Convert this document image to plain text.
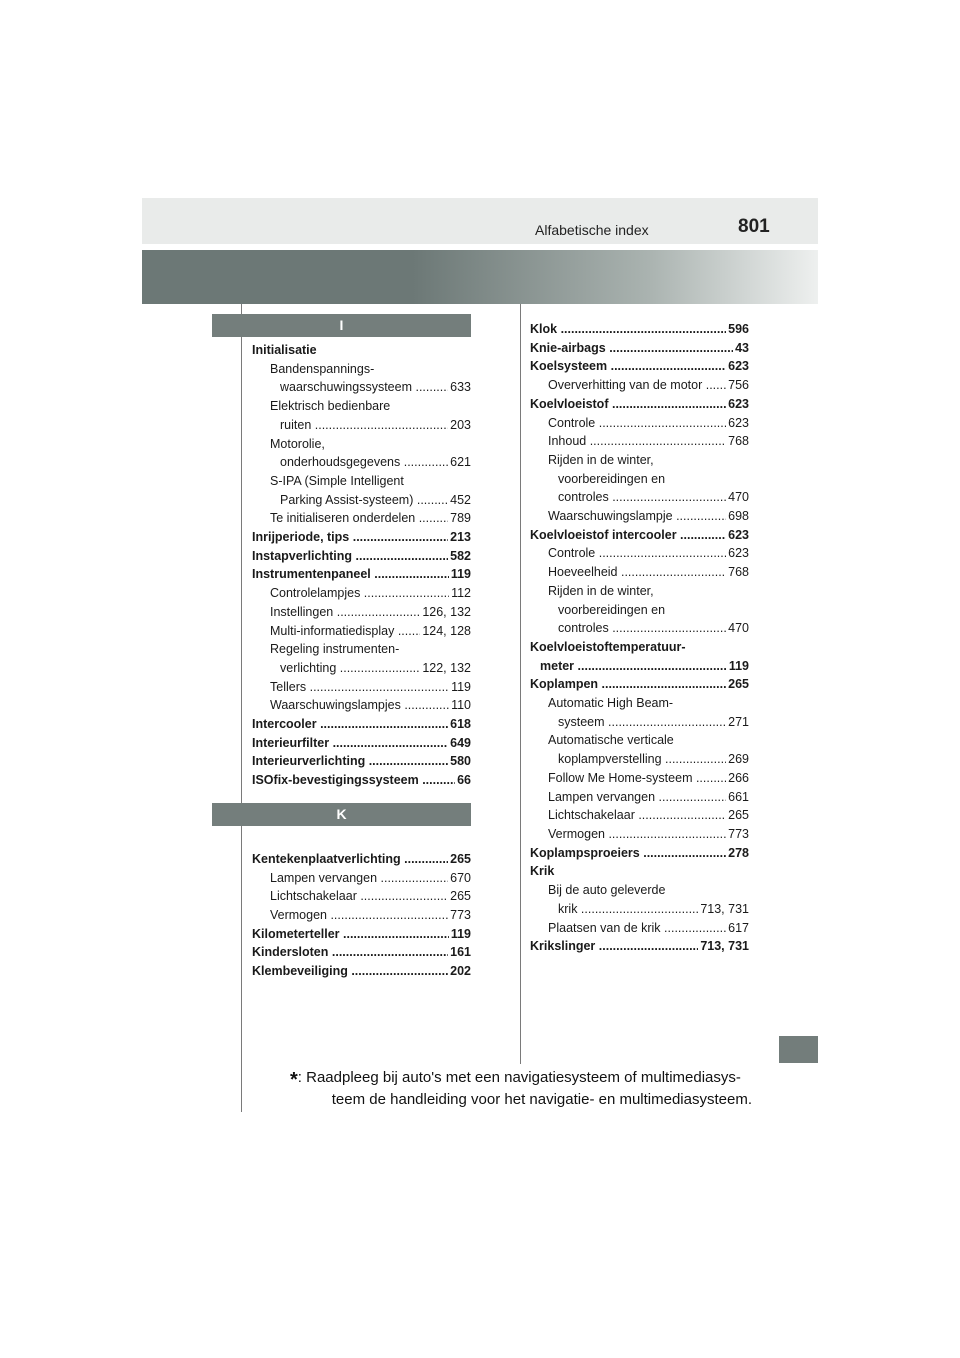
Alfabetische index	801
I
K
Initialisatie
Bandenspannings-
waarschuwingssysteem .....	633
Elektrisch bedienbare
ruiten .....	203
Motorolie,
onderhoudsgegevens .....	621
S-IPA (Simple Intelligent
Parking Assist-systeem) .....	452
Te initialiseren onderdelen .....	789
Inrijperiode, tips .....	213
Instapverlichting .....	582
Instrumentenpaneel .....	119
Controlelampjes .....	112
Instellingen .....	126, 132
Multi-informatiedisplay ..... 124, 128
Regeling instrumenten-
verlichting .....	122, 132
Tellers .....	119
Waarschuwingslampjes .....	110
Intercooler .....	618
Interieurfilter .....	649
Interieurverlichting .....	580
ISOfix-bevestigingssysteem .....	66
Kentekenplaatverlichting .....	265
Lampen vervangen .....	670
Lichtschakelaar .....	265
Vermogen .....	773
Kilometerteller .....	119
Kindersloten .....	161
Klembeveiliging .....	202
Klok .....	596
Knie-airbags .....	43
Koelsysteem .....	623
Oververhitting van de motor ..... 756
Koelvloeistof .....	623
Controle .....	623
Inhoud .....	768
Rijden in de winter,
voorbereidingen en
controles .....	470
Waarschuwingslampje .....	698
Koelvloeistof intercooler .....	623
Controle .....	623
Hoeveelheid .....	768
Rijden in de winter,
voorbereidingen en
controles .....	470
Koelvloeistoftemperatuur-
meter .....	119
Koplampen .....	265
Automatic High Beam-
systeem .....	271
Automatische verticale
koplampverstelling .....	269
Follow Me Home-systeem .....	266
Lampen vervangen .....	661
Lichtschakelaar .....	265
Vermogen .....	773
Koplampsproeiers .....	278
Krik
Bij de auto geleverde
krik .....	713, 731
Plaatsen van de krik .....	617
Krikslinger .....	713, 731
*: Raadpleeg bij auto's met een navigatiesysteem of multimediasys-
teem de handleiding voor het navigatie- en multimediasysteem.
